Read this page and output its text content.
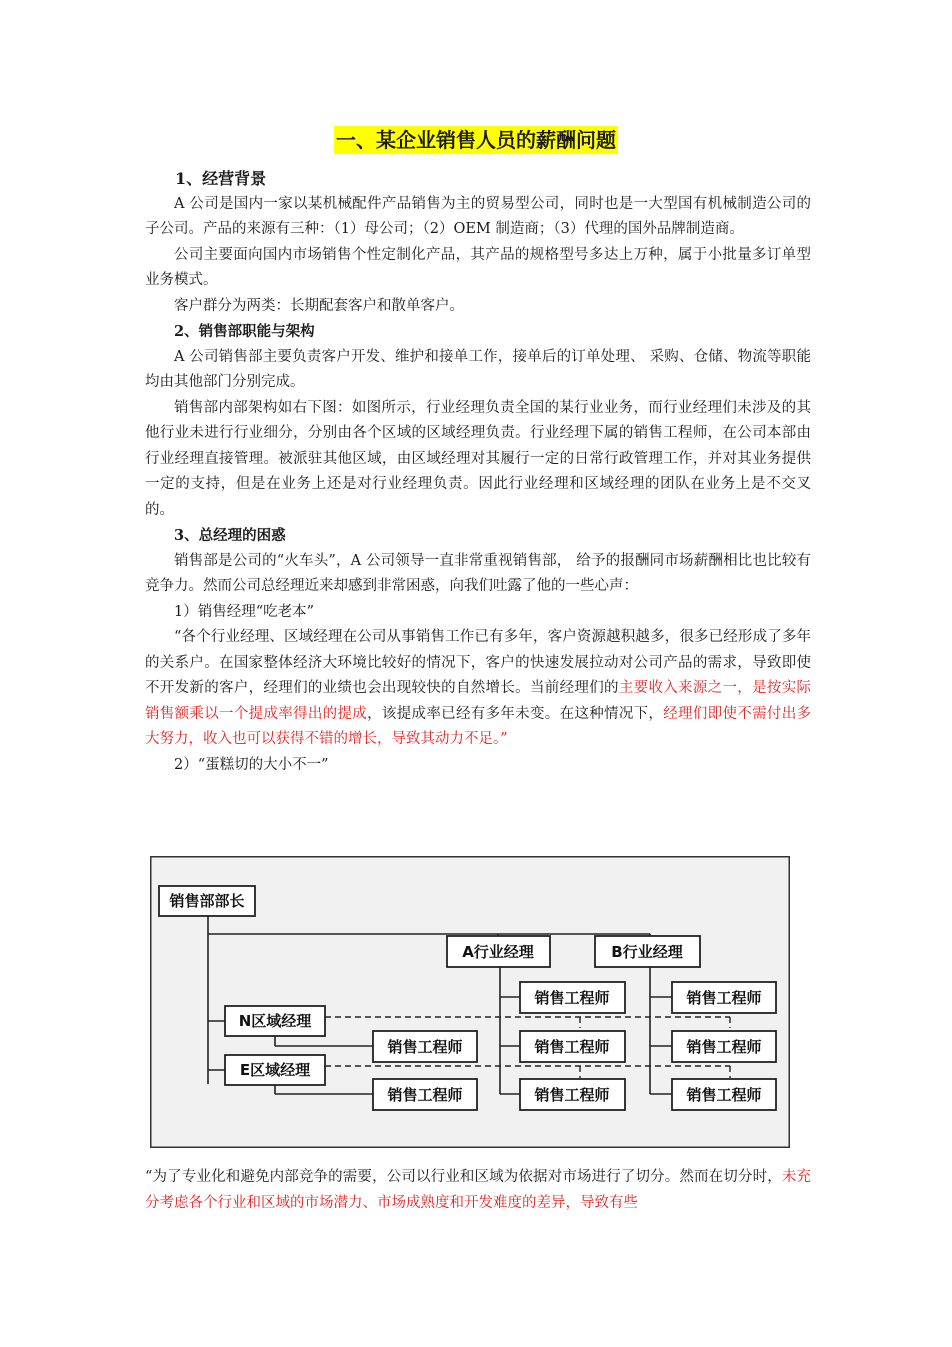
一、某企业销售人员的薪酬问题

1、经营背景

A 公司是国内一家以某机械配件产品销售为主的贸易型公司，同时也是一大型国有机械制造公司的子公司。产品的来源有三种：（1）母公司；（2）OEM 制造商；（3）代理的国外品牌制造商。

公司主要面向国内市场销售个性定制化产品，其产品的规格型号多达上万种，属于小批量多订单型业务模式。

客户群分为两类：长期配套客户和散单客户。

2、销售部职能与架构

A 公司销售部主要负责客户开发、维护和接单工作，接单后的订单处理、 采购、仓储、物流等职能均由其他部门分别完成。

销售部内部架构如右下图：如图所示，行业经理负责全国的某行业业务，而行业经理们未涉及的其他行业未进行行业细分，分别由各个区域的区域经理负责。行业经理下属的销售工程师，在公司本部由行业经理直接管理。被派驻其他区域，由区域经理对其履行一定的日常行政管理工作，并对其业务提供一定的支持，但是在业务上还是对行业经理负责。因此行业经理和区域经理的团队在业务上是不交叉的。

3、总经理的困惑

销售部是公司的“火车头”，A 公司领导一直非常重视销售部， 给予的报酬同市场薪酬相比也比较有竞争力。然而公司总经理近来却感到非常困惑，向我们吐露了他的一些心声：

1）销售经理“吃老本”

“各个行业经理、区域经理在公司从事销售工作已有多年，客户资源越积越多，很多已经形成了多年的关系户。在国家整体经济大环境比较好的情况下，客户的快速发展拉动对公司产品的需求，导致即使不开发新的客户，经理们的业绩也会出现较快的自然增长。当前经理们的主要收入来源之一，是按实际销售额乘以一个提成率得出的提成，该提成率已经有多年未变。在这种情况下，经理们即使不需付出多大努力，收入也可以获得不错的增长，导致其动力不足。”

2）“蛋糕切的大小不一”

销售部部长
A行业经理	B行业经理
N区域经理
E区域经理
销售工程师
销售工程师
销售工程师
销售工程师
销售工程师
销售工程师
销售工程师
销售工程师

“为了专业化和避免内部竞争的需要，公司以行业和区域为依据对市场进行了切分。然而在切分时，未充分考虑各个行业和区域的市场潜力、市场成熟度和开发难度的差异，导致有些
